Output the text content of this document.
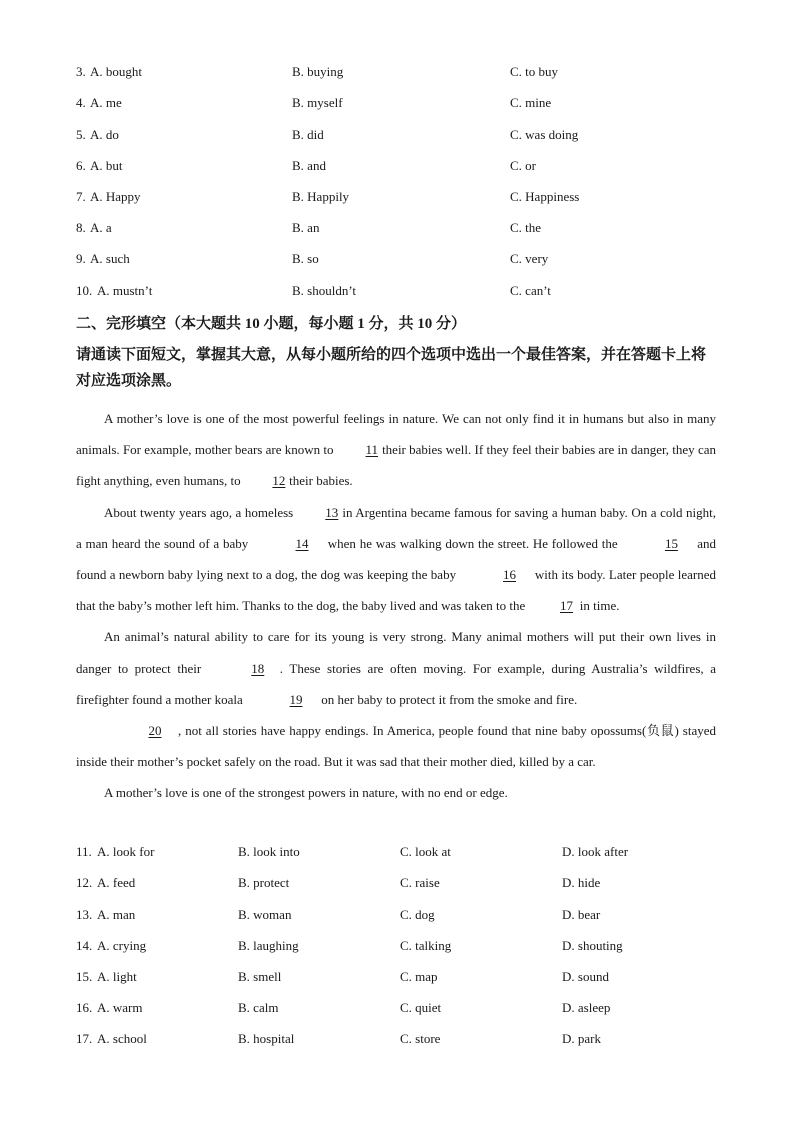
3. A. bought	B. buying	C. to buy
4. A. me	B. myself	C. mine
5. A. do	B. did	C. was doing
6. A. but	B. and	C. or
7. A. Happy	B. Happily	C. Happiness
8. A. a	B. an	C. the
9. A. such	B. so	C. very
10. A. mustn’t	B. shouldn’t	C. can’t
二、完形填空（本大题共 10 小题，每小题 1 分，共 10 分）
请通读下面短文，掌握其大意，从每小题所给的四个选项中选出一个最佳答案，并在答题卡上将对应选项涂黑。

A mother’s love is one of the most powerful feelings in nature. We can not only find it in humans but also in many animals. For example, mother bears are known to 11 their babies well. If they feel their babies are in danger, they can fight anything, even humans, to 12 their babies.

About twenty years ago, a homeless 13 in Argentina became famous for saving a human baby. On a cold night, a man heard the sound of a baby	14 when he was walking down the street. He followed the	15 and found a newborn baby lying next to a dog, the dog was keeping the baby	16 with its body. Later people learned that the baby’s mother left him. Thanks to the dog, the baby lived and was taken to the 17 in time.

An animal’s natural ability to care for its young is very strong. Many animal mothers will put their own lives in danger to protect their	18 . These stories are often moving. For example, during Australia’s wildfires, a firefighter found a mother koala	19 on her baby to protect it from the smoke and fire.

20 , not all stories have happy endings. In America, people found that nine baby opossums(负鼠) stayed inside their mother’s pocket safely on the road. But it was sad that their mother died, killed by a car.

A mother’s love is one of the strongest powers in nature, with no end or edge.

11. A. look for	B. look into	C. look at	D. look after
12. A. feed	B. protect	C. raise	D. hide
13. A. man	B. woman	C. dog	D. bear
14. A. crying	B. laughing	C. talking	D. shouting
15. A. light	B. smell	C. map	D. sound
16. A. warm	B. calm	C. quiet	D. asleep
17. A. school	B. hospital	C. store	D. park
